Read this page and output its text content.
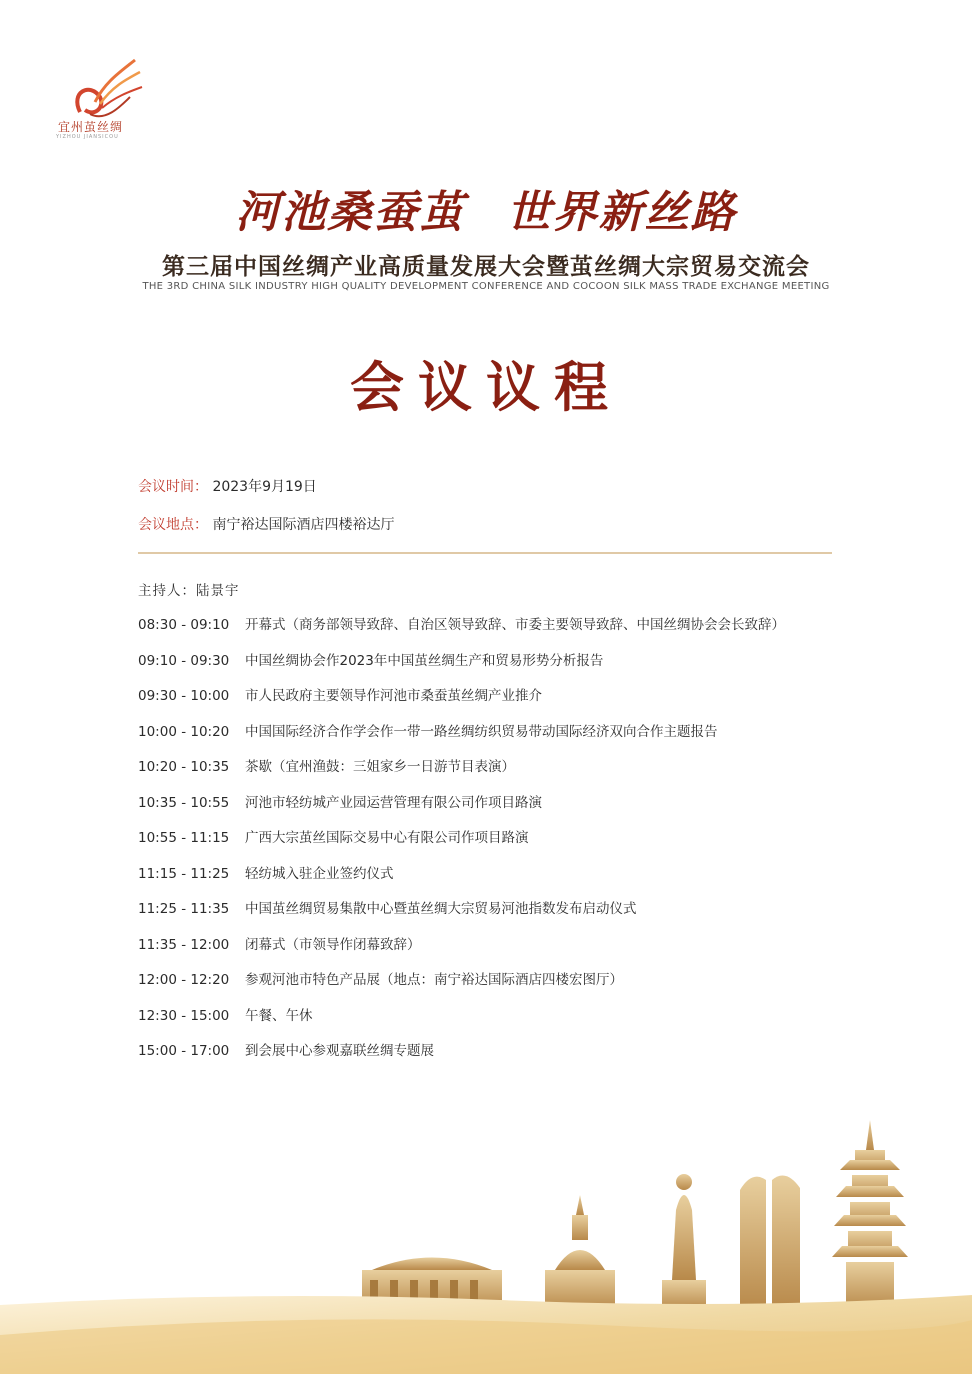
宜州茧丝绸
YIZHOU JIANSICOU
河池桑蚕茧 世界新丝路
第三届中国丝绸产业高质量发展大会暨茧丝绸大宗贸易交流会
THE 3RD CHINA SILK INDUSTRY HIGH QUALITY DEVELOPMENT CONFERENCE AND COCOON SILK MASS TRADE EXCHANGE MEETING
会议议程
会议时间： 2023年9月19日
会议地点： 南宁裕达国际酒店四楼裕达厅
主持人：陆景宇
08:30 - 09:10 开幕式（商务部领导致辞、自治区领导致辞、市委主要领导致辞、中国丝绸协会会长致辞）
09:10 - 09:30 中国丝绸协会作2023年中国茧丝绸生产和贸易形势分析报告
09:30 - 10:00 市人民政府主要领导作河池市桑蚕茧丝绸产业推介
10:00 - 10:20 中国国际经济合作学会作一带一路丝绸纺织贸易带动国际经济双向合作主题报告
10:20 - 10:35 茶歇（宜州渔鼓：三姐家乡一日游节目表演）
10:35 - 10:55 河池市轻纺城产业园运营管理有限公司作项目路演
10:55 - 11:15 广西大宗茧丝国际交易中心有限公司作项目路演
11:15 - 11:25 轻纺城入驻企业签约仪式
11:25 - 11:35 中国茧丝绸贸易集散中心暨茧丝绸大宗贸易河池指数发布启动仪式
11:35 - 12:00 闭幕式（市领导作闭幕致辞）
12:00 - 12:20 参观河池市特色产品展（地点：南宁裕达国际酒店四楼宏图厅）
12:30 - 15:00 午餐、午休
15:00 - 17:00 到会展中心参观嘉联丝绸专题展
